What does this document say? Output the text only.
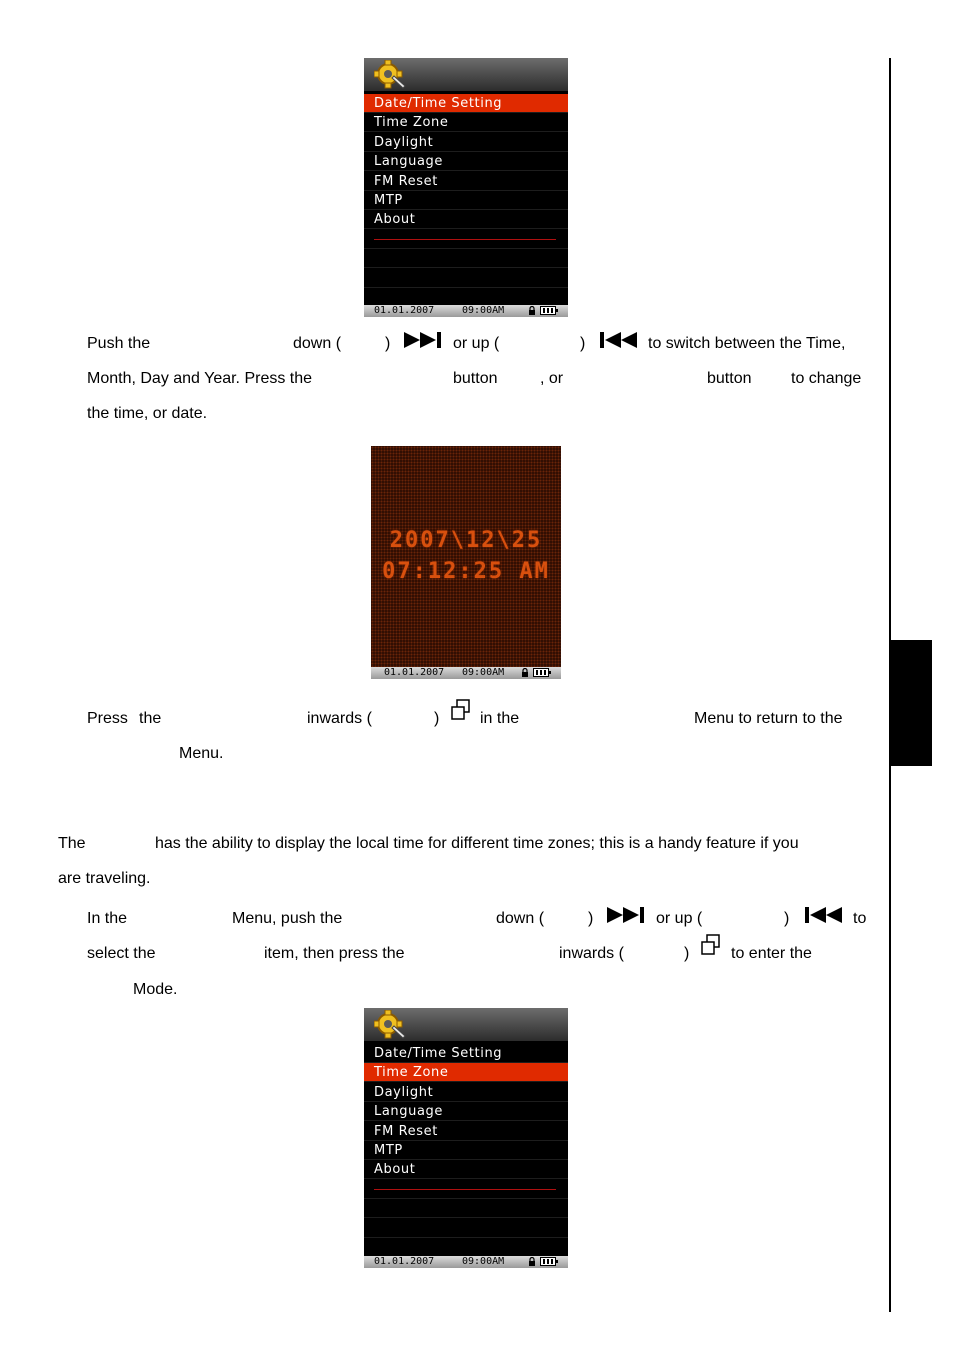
Date/Time Setting
Time Zone
Daylight
Language
FM Reset
MTP
About
01.01.2007	09:00AM
Push the	down (	)	or up (	)	to switch between the Time,
Month, Day and Year. Press the	button	, or	button to change
the time, or date.
2007\12\25
07:12:25 AM
01.01.2007 09:00AM
Press the	inwards (	)	in the	Menu to return to the
Menu.
The	has the ability to display the local time for different time zones; this is a handy feature if you
are traveling.
In the	Menu, push the	down (	)	or up (	)	to
select the	item, then press the	inwards (	)	to enter the
Mode.
Date/Time Setting
Time Zone
Daylight
Language
FM Reset
MTP
About
01.01.2007	09:00AM
